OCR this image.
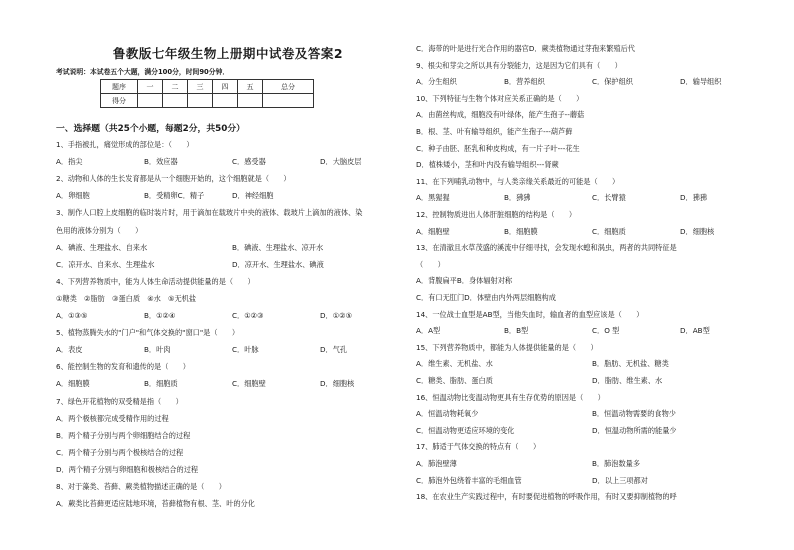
鲁教版七年级生物上册期中试卷及答案2
考试说明：本试卷五个大题，满分100分，时间90分钟．
题序	一	二	三	四	五	总分
得分						
一、选择题（共25个小题，每题2分，共50分）
1、手指被扎，痛觉形成的部位是：（　　）
A．指尖	B．效应器	C．感受器	D．大脑皮层
2、动物和人体的生长发育都是从一个细胞开始的，这个细胞就是（　　）
A．卵细胞	B．受精卵C．精子	D．神经细胞
3、制作人口腔上皮细胞的临时装片时，用于滴加在载玻片中央的液体、载玻片上滴加的液体、染
色用的液体分别为（　　）
A．碘液、生理盐水、自来水	B．碘液、生理盐水、凉开水
C．凉开水、自来水、生理盐水	D．凉开水、生理盐水、碘液
4、下列营养物质中，能为人体生命活动提供能量的是（　　）
①糖类　②脂肪　③蛋白质　④水　⑤无机盐
A．①③⑤	B．①②④	C．①②③	D．①②⑤
5、植物蒸腾失水的"门户"和气体交换的"窗口"是（　　）
A．表皮	B．叶肉	C．叶脉	D．气孔
6、能控制生物的发育和遗传的是（　　）
A．细胞膜	B．细胞质	C．细胞壁	D．细胞核
7、绿色开花植物的双受精是指（　　）
A．两个极核都完成受精作用的过程
B．两个精子分别与两个卵细胞结合的过程
C．两个精子分别与两个极核结合的过程
D．两个精子分别与卵细胞和极核结合的过程
8、对于藻类、苔藓、蕨类植物描述正确的是（　　）
A．蕨类比苔藓更适应陆地环境，苔藓植物有根、茎、叶的分化
C．海带的叶是进行光合作用的器官D．蕨类植物通过芽孢来繁殖后代
9、根尖和芽尖之所以具有分裂能力，这是因为它们具有（　　）
A．分生组织	B．营养组织	C．保护组织	D．输导组织
10、下列特征与生物个体对应关系正确的是（　　）
A．由菌丝构成，细胞没有叶绿体，能产生孢子--蘑菇
B．根、茎、叶有输导组织，能产生孢子---葫芦藓
C．种子由胚、胚乳和种皮构成，有一片子叶---花生
D．植株矮小，茎和叶内没有输导组织---肾蕨
11、在下列哺乳动物中，与人类亲缘关系最近的可能是（　　）
A．黑猩猩	B．狒狒	C．长臂猿	D．狒狒
12、控制物质进出人体肝脏细胞的结构是（　　）
A．细胞壁	B．细胞膜	C．细胞质	D．细胞核
13、在清澈且水草茂盛的溪流中仔细寻找，会发现水螅和涡虫，两者的共同特征是
（　　）
A．背腹扁平B．身体辐射对称
C．有口无肛门D．体壁由内外两层细胞构成
14、一位战士血型是AB型，当他失血时，输血者的血型应该是（　　）
A．A型	B．B型	C．O 型	D．AB型
15、下列营养物质中，都能为人体提供能量的是（　　）
A．维生素、无机盐、水	B．脂肪、无机盐、糖类
C．糖类、脂肪、蛋白质	D．脂肪、维生素、水
16、恒温动物比变温动物更具有生存优势的原因是（　　）
A．恒温动物耗氧少	B．恒温动物需要的食物少
C．恒温动物更适应环境的变化	D．恒温动物所需的能量少
17、肺适于气体交换的特点有（　　）
A．肺泡壁薄	B．肺泡数量多
C．肺泡外包绕着丰富的毛细血管	D．以上三项都对
18、在农业生产实践过程中，有时要促进植物的呼吸作用，有时又要抑制植物的呼
